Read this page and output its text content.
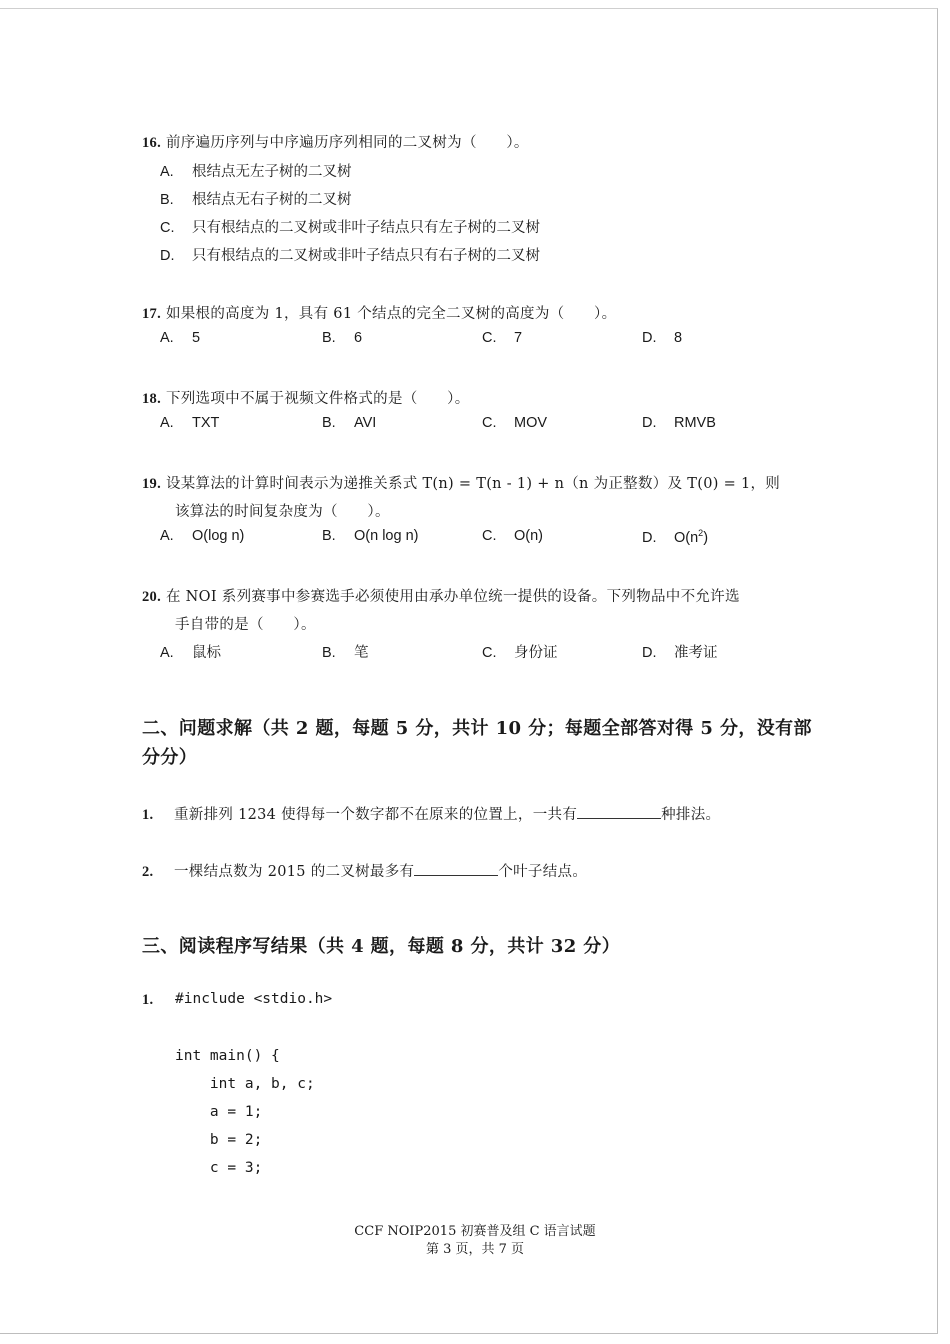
16. 前序遍历序列与中序遍历序列相同的二叉树为（　　）。
A. 根结点无左子树的二叉树
B. 根结点无右子树的二叉树
C. 只有根结点的二叉树或非叶子结点只有左子树的二叉树
D. 只有根结点的二叉树或非叶子结点只有右子树的二叉树
17. 如果根的高度为 1，具有 61 个结点的完全二叉树的高度为（　　）。
A. 5	B. 6	C. 7	D. 8
18. 下列选项中不属于视频文件格式的是（　　）。
A. TXT	B. AVI	C. MOV	D. RMVB
19. 设某算法的计算时间表示为递推关系式 T(n) = T(n - 1) + n（n 为正整数）及 T(0) = 1，则
该算法的时间复杂度为（　　）。
A. O(log n)	B. O(n log n)	C. O(n)	D. $O(n^2)$
20. 在 NOI 系列赛事中参赛选手必须使用由承办单位统一提供的设备。下列物品中不允许选
手自带的是（　　）。
A. 鼠标	B. 笔	C. 身份证	D. 准考证
二、问题求解（共 2 题，每题 5 分，共计 10 分；每题全部答对得 5 分，没有部
分分）
1. 重新排列 1234 使得每一个数字都不在原来的位置上，一共有	种排法。
2. 一棵结点数为 2015 的二叉树最多有	个叶子结点。
三、阅读程序写结果（共 4 题，每题 8 分，共计 32 分）
1. #include <stdio.h>
int main() {
int a, b, c;
a = 1;
b = 2;
c = 3;
CCF NOIP2015 初赛普及组 C 语言试题
第 3 页，共 7 页
